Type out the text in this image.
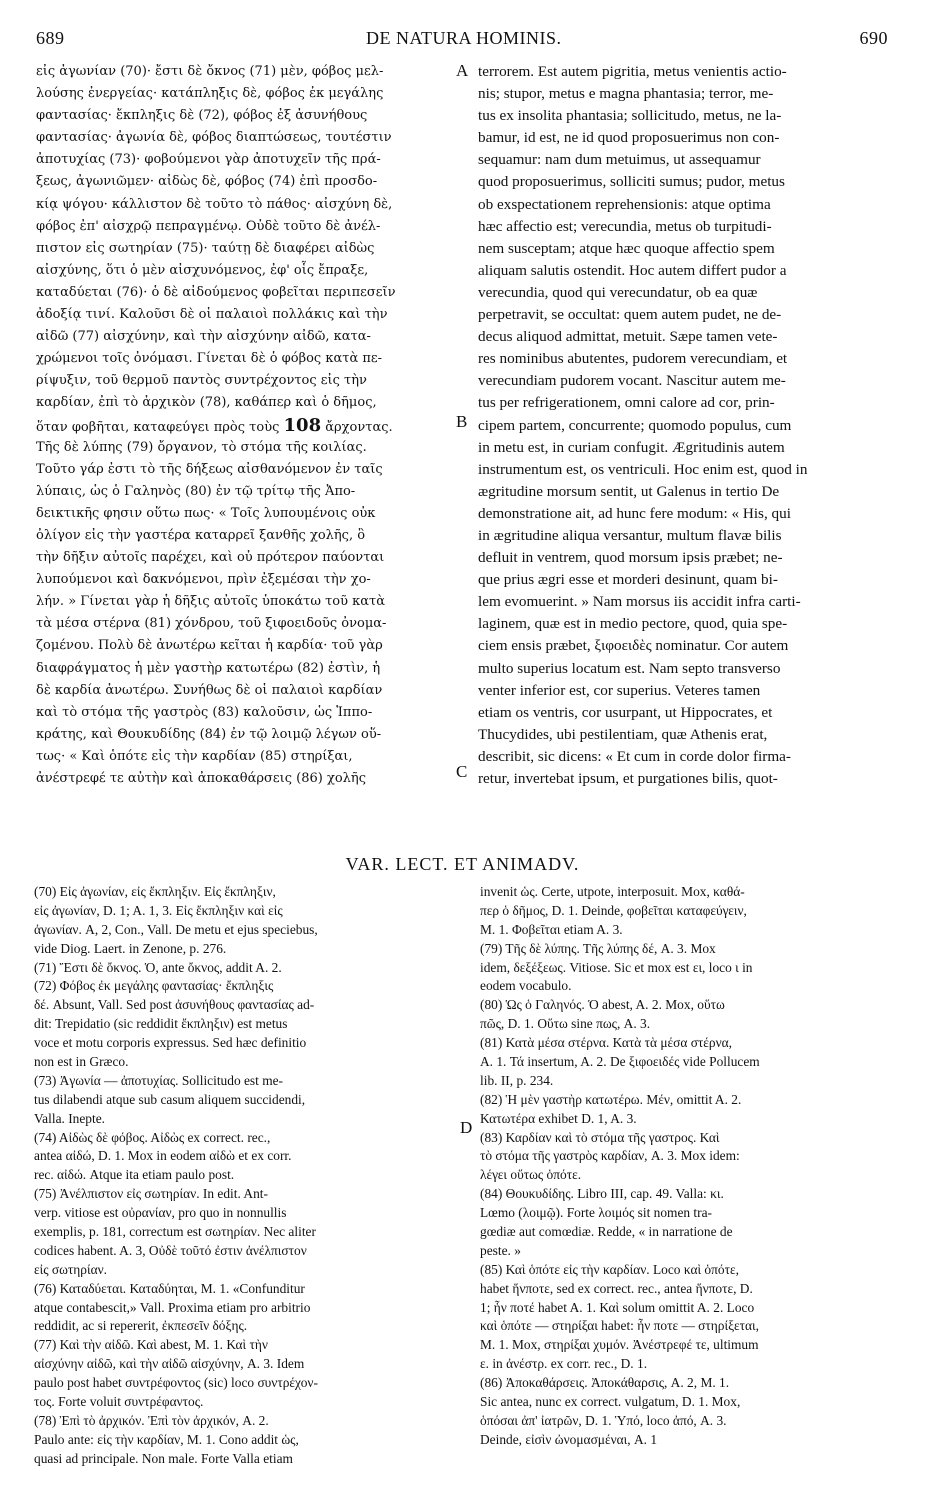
689	DE NATURA HOMINIS.	690
A
B
C
D
εἰς ἀγωνίαν (70)· ἔστι δὲ ὄκνος (71) μὲν, φόβος μελ-
λούσης ἐνεργείας· κατάπληξις δὲ, φόβος ἐκ μεγάλης
φαντασίας· ἔκπληξις δὲ (72), φόβος ἐξ ἀσυνήθους
φαντασίας· ἀγωνία δὲ, φόβος διαπτώσεως, τουτέστιν
ἀποτυχίας (73)· φοβούμενοι γὰρ ἀποτυχεῖν τῆς πρά-
ξεως, ἀγωνιῶμεν· αἰδὼς δὲ, φόβος (74) ἐπὶ προσδο-
κίᾳ ψόγου· κάλλιστον δὲ τοῦτο τὸ πάθος· αἰσχύνη δὲ,
φόβος ἐπ' αἰσχρῷ πεπραγμένῳ. Οὐδὲ τοῦτο δὲ ἀνέλ-
πιστον εἰς σωτηρίαν (75)· ταύτῃ δὲ διαφέρει αἰδὼς
αἰσχύνης, ὅτι ὁ μὲν αἰσχυνόμενος, ἐφ' οἷς ἔπραξε,
καταδύεται (76)· ὁ δὲ αἰδούμενος φοβεῖται περιπεσεῖν
ἀδοξίᾳ τινί. Καλοῦσι δὲ οἱ παλαιοὶ πολλάκις καὶ τὴν
αἰδῶ (77) αἰσχύνην, καὶ τὴν αἰσχύνην αἰδῶ, κατα-
χρώμενοι τοῖς ὀνόμασι. Γίνεται δὲ ὁ φόβος κατὰ πε-
ρίψυξιν, τοῦ θερμοῦ παντὸς συντρέχοντος εἰς τὴν
καρδίαν, ἐπὶ τὸ ἀρχικὸν (78), καθάπερ καὶ ὁ δῆμος,
ὅταν φοβῆται, καταφεύγει πρὸς τοὺς 108 ἄρχοντας.
Τῆς δὲ λύπης (79) ὄργανον, τὸ στόμα τῆς κοιλίας.
Τοῦτο γάρ ἐστι τὸ τῆς δήξεως αἰσθανόμενον ἐν ταῖς
λύπαις, ὡς ὁ Γαληνὸς (80) ἐν τῷ τρίτῳ τῆς Ἀπο-
δεικτικῆς φησιν οὕτω πως· « Τοῖς λυπουμένοις οὐκ
ὀλίγον εἰς τὴν γαστέρα καταρρεῖ ξανθῆς χολῆς, ὃ
τὴν δῆξιν αὐτοῖς παρέχει, καὶ οὐ πρότερον παύονται
λυπούμενοι καὶ δακνόμενοι, πρὶν ἐξεμέσαι τὴν χο-
λήν. » Γίνεται γὰρ ἡ δῆξις αὐτοῖς ὑποκάτω τοῦ κατὰ
τὰ μέσα στέρνα (81) χόνδρου, τοῦ ξιφοειδοῦς ὀνομα-
ζομένου. Πολὺ δὲ ἀνωτέρω κεῖται ἡ καρδία· τοῦ γὰρ
διαφράγματος ἡ μὲν γαστὴρ κατωτέρω (82) ἐστὶν, ἡ
δὲ καρδία ἀνωτέρω. Συνήθως δὲ οἱ παλαιοὶ καρδίαν
καὶ τὸ στόμα τῆς γαστρὸς (83) καλοῦσιν, ὡς Ἱππο-
κράτης, καὶ Θουκυδίδης (84) ἐν τῷ λοιμῷ λέγων οὕ-
τως· « Καὶ ὁπότε εἰς τὴν καρδίαν (85) στηρίξαι,
ἀνέστρεφέ τε αὐτὴν καὶ ἀποκαθάρσεις (86) χολῆς
terrorem. Est autem pigritia, metus venientis actio-
nis; stupor, metus e magna phantasia; terror, me-
tus ex insolita phantasia; sollicitudo, metus, ne la-
bamur, id est, ne id quod proposuerimus non con-
sequamur: nam dum metuimus, ut assequamur
quod proposuerimus, solliciti sumus; pudor, metus
ob exspectationem reprehensionis: atque optima
hæc affectio est; verecundia, metus ob turpitudi-
nem susceptam; atque hæc quoque affectio spem
aliquam salutis ostendit. Hoc autem differt pudor a
verecundia, quod qui verecundatur, ob ea quæ
perpetravit, se occultat: quem autem pudet, ne de-
decus aliquod admittat, metuit. Sæpe tamen vete-
res nominibus abutentes, pudorem verecundiam, et
verecundiam pudorem vocant. Nascitur autem me-
tus per refrigerationem, omni calore ad cor, prin-
cipem partem, concurrente; quomodo populus, cum
in metu est, in curiam confugit. Ægritudinis autem
instrumentum est, os ventriculi. Hoc enim est, quod in
ægritudine morsum sentit, ut Galenus in tertio De
demonstratione ait, ad hunc fere modum: « His, qui
in ægritudine aliqua versantur, multum flavæ bilis
defluit in ventrem, quod morsum ipsis præbet; ne-
que prius ægri esse et morderi desinunt, quam bi-
lem evomuerint. » Nam morsus iis accidit infra carti-
laginem, quæ est in medio pectore, quod, quia spe-
ciem ensis præbet, ξιφοειδὲς nominatur. Cor autem
multo superius locatum est. Nam septo transverso
venter inferior est, cor superius. Veteres tamen
etiam os ventris, cor usurpant, ut Hippocrates, et
Thucydides, ubi pestilentiam, quæ Athenis erat,
describit, sic dicens: « Et cum in corde dolor firma-
retur, invertebat ipsum, et purgationes bilis, quot-
VAR. LECT. ET ANIMADV.
(70) Εἰς ἀγωνίαν, εἰς ἔκπληξιν. Εἰς ἔκπληξιν,
εἰς ἀγωνίαν, D. 1; A. 1, 3. Εἰς ἔκπληξιν καὶ εἰς
ἀγωνίαν. A, 2, Con., Vall. De metu et ejus speciebus,
vide Diog. Laert. in Zenone, p. 276.
(71) Ἔστι δὲ ὄκνος. Ὁ, ante ὄκνος, addit A. 2.
(72) Φόβος ἐκ μεγάλης φαντασίας· ἔκπληξις
δέ. Absunt, Vall. Sed post ἀσυνήθους φαντασίας ad-
dit: Trepidatio (sic reddidit ἔκπληξιν) est metus
voce et motu corporis expressus. Sed hæc definitio
non est in Græco.
(73) Ἀγωνία — ἀποτυχίας. Sollicitudo est me-
tus dilabendi atque sub casum aliquem succidendi,
Valla. Inepte.
(74) Αἰδὼς δὲ φόβος. Αἰδὼς ex correct. rec.,
antea αἰδώ, D. 1. Mox in eodem αἰδὼ et ex corr.
rec. αἰδώ. Atque ita etiam paulo post.
(75) Ἀνέλπιστον εἰς σωτηρίαν. In edit. Ant-
verp. vitiose est οὐρανίαν, pro quo in nonnullis
exemplis, p. 181, correctum est σωτηρίαν. Nec aliter
codices habent. A. 3, Οὐδὲ τοῦτό ἐστιν ἀνέλπιστον
εἰς σωτηρίαν.
(76) Καταδύεται. Καταδύηται, M. 1. «Confunditur
atque contabescit,» Vall. Proxima etiam pro arbitrio
reddidit, ac si repererit, ἐκπεσεῖν δόξης.
(77) Καὶ τὴν αἰδῶ. Καὶ abest, M. 1. Καὶ τὴν
αἰσχύνην αἰδῶ, καὶ τὴν αἰδῶ αἰσχύνην, A. 3. Idem
paulo post habet συντρέφοντος (sic) loco συντρέχον-
τος. Forte voluit συντρέφαντος.
(78) Ἐπὶ τὸ ἀρχικόν. Ἐπὶ τὸν ἀρχικόν, A. 2.
Paulo ante: εἰς τὴν καρδίαν, M. 1. Cono addit ὡς,
quasi ad principale. Non male. Forte Valla etiam
invenit ὡς. Certe, utpote, interposuit. Mox, καθά-
περ ὁ δῆμος, D. 1. Deinde, φοβεῖται καταφεύγειν,
M. 1. Φοβεῖται etiam A. 3.
(79) Τῆς δὲ λύπης. Τῆς λύπης δέ, A. 3. Mox
idem, δεξέξεως. Vitiose. Sic et mox est ει, loco ι in
eodem vocabulo.
(80) Ὡς ὁ Γαληνός. Ὁ abest, A. 2. Mox, οὕτω
πῶς, D. 1. Οὕτω sine πως, A. 3.
(81) Κατὰ μέσα στέρνα. Κατὰ τὰ μέσα στέρνα,
A. 1. Τά insertum, A. 2. De ξιφοειδές vide Pollucem
lib. II, p. 234.
(82) Ἡ μὲν γαστὴρ κατωτέρω. Μέν, omittit A. 2.
Κατωτέρα exhibet D. 1, A. 3.
(83) Καρδίαν καὶ τὸ στόμα τῆς γαστρος. Καὶ
τὸ στόμα τῆς γαστρὸς καρδίαν, A. 3. Mox idem:
λέγει οὕτως ὁπότε.
(84) Θουκυδίδης. Libro III, cap. 49. Valla: κι.
Lœmo (λοιμῷ). Forte λοιμός sit nomen tra-
gœdiæ aut comœdiæ. Redde, « in narratione de
peste. »
(85) Καὶ ὁπότε εἰς τὴν καρδίαν. Loco καὶ ὁπότε,
habet ἥνποτε, sed ex correct. rec., antea ἥνποτε, D.
1; ἦν ποτέ habet A. 1. Καὶ solum omittit A. 2. Loco
καὶ ὁπότε — στηρίξαι habet: ἦν ποτε — στηρίξεται,
M. 1. Mox, στηρίξαι χυμόν. Ἀνέστρεφέ τε, ultimum
ε. in ἀνέστρ. ex corr. rec., D. 1.
(86) Ἀποκαθάρσεις. Ἀποκάθαρσις, A. 2, M. 1.
Sic antea, nunc ex correct. vulgatum, D. 1. Mox,
ὁπόσαι ἀπ' ἰατρῶν, D. 1. Ὑπό, loco ἀπό, A. 3.
Deinde, εἰσὶν ὠνομασμέναι, A. 1
